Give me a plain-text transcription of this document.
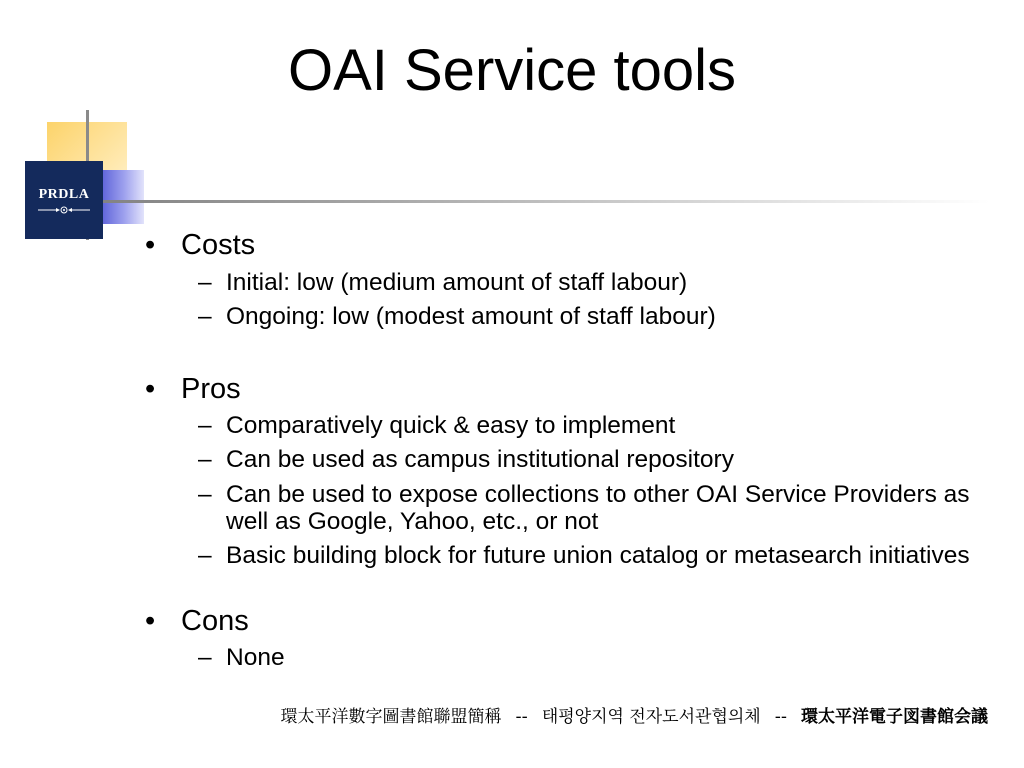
OAI Service tools
PRDLA
• Costs
– Initial: low (medium amount of staff labour)
– Ongoing: low (modest amount of staff labour)
• Pros
– Comparatively quick & easy to implement
– Can be used as campus institutional repository
– Can be used to expose collections to other OAI Service Providers as well as Google, Yahoo, etc., or not
– Basic building block for future union catalog or metasearch initiatives
• Cons
– None
環太平洋數字圖書館聯盟簡稱 -- 태평양지역 전자도서관협의체 -- 環太平洋電子図書館会議
